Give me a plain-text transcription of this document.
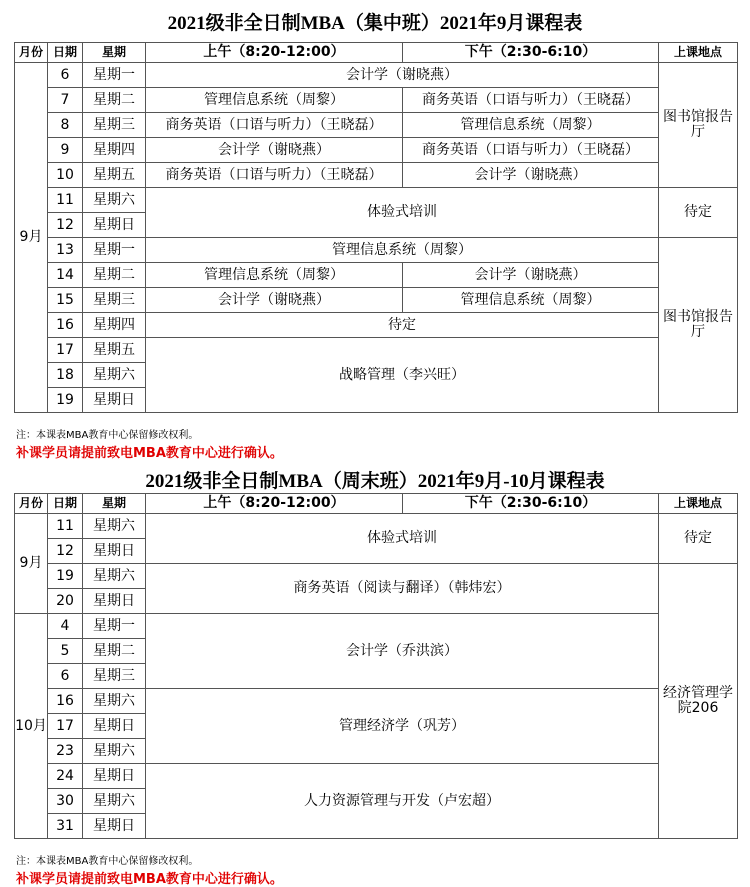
2021级非全日制MBA（集中班）2021年9月课程表
月份	日期	星期	上午（8:20-12:00）	下午（2:30-6:10）	上课地点
9月	6	星期一	会计学（谢晓燕）		图书馆报告厅
	7	星期二	管理信息系统（周黎）	商务英语（口语与听力）（王晓磊）	
	8	星期三	商务英语（口语与听力）（王晓磊）	管理信息系统（周黎）	
	9	星期四	会计学（谢晓燕）	商务英语（口语与听力）（王晓磊）	
	10	星期五	商务英语（口语与听力）（王晓磊）	会计学（谢晓燕）	
	11	星期六	体验式培训		待定
	12	星期日			
	13	星期一	管理信息系统（周黎）		图书馆报告厅
	14	星期二	管理信息系统（周黎）	会计学（谢晓燕）	
	15	星期三	会计学（谢晓燕）	管理信息系统（周黎）	
	16	星期四	待定		
	17	星期五	战略管理（李兴旺）		
	18	星期六			
	19	星期日			
注：本课表MBA教育中心保留修改权利。
补课学员请提前致电MBA教育中心进行确认。
2021级非全日制MBA（周末班）2021年9月-10月课程表
月份	日期	星期	上午（8:20-12:00）	下午（2:30-6:10）	上课地点
9月	11	星期六	体验式培训		待定
	12	星期日			
	19	星期六	商务英语（阅读与翻译）（韩炜宏）		经济管理学院206
	20	星期日			
10月	4	星期一	会计学（乔洪滨）		
	5	星期二			
	6	星期三			
	16	星期六	管理经济学（巩芳）		
	17	星期日			
	23	星期六			
	24	星期日	人力资源管理与开发（卢宏超）		
	30	星期六			
	31	星期日			
注：本课表MBA教育中心保留修改权利。
补课学员请提前致电MBA教育中心进行确认。
